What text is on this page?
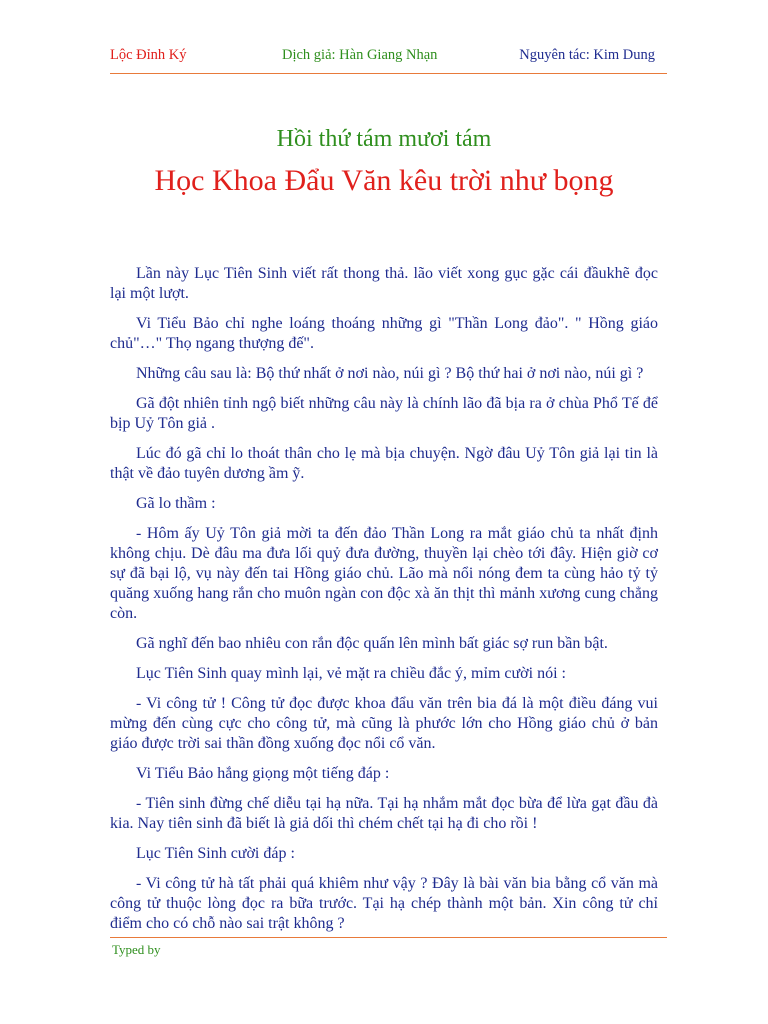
Lộc Đỉnh Ký	Dịch giả: Hàn Giang Nhạn	Nguyên tác: Kim Dung
Hồi thứ tám mươi tám
Học Khoa Đẩu Văn kêu trời như bọng

Lần này Lục Tiên Sinh viết rất thong thả. lão viết xong gục gặc cái đầukhẽ đọc lại một lượt.

Vi Tiểu Bảo chỉ nghe loáng thoáng những gì "Thần Long đảo". " Hồng giáo chủ"…" Thọ ngang thượng đế".

Những câu sau là: Bộ thứ nhất ở nơi nào, núi gì ? Bộ thứ hai ở nơi nào, núi gì ?

Gã đột nhiên tỉnh ngộ biết những câu này là chính lão đã bịa ra ở chùa Phổ Tế để bịp Uỷ Tôn giả .

Lúc đó gã chỉ lo thoát thân cho lẹ mà bịa chuyện. Ngờ đâu Uỷ Tôn giả lại tin là thật về đảo tuyên dương ầm ỹ.

Gã lo thầm :

- Hôm ấy Uỷ Tôn giả mời ta đến đảo Thần Long ra mắt giáo chủ ta nhất định không chịu. Dè đâu ma đưa lối quỷ đưa đường, thuyền lại chèo tới đây. Hiện giờ cơ sự đã bại lộ, vụ này đến tai Hồng giáo chủ. Lão mà nổi nóng đem ta cùng hảo tỷ tỷ quăng xuống hang rắn cho muôn ngàn con độc xà ăn thịt thì mảnh xương cung chẳng còn.

Gã nghĩ đến bao nhiêu con rắn độc quấn lên mình bất giác sợ run bần bật.

Lục Tiên Sinh quay mình lại, vẻ mặt ra chiều đắc ý, mỉm cười nói :

- Vi công tử ! Công tử đọc được khoa đẩu văn trên bia đá là một điều đáng vui mừng đến cùng cực cho công tử, mà cũng là phước lớn cho Hồng giáo chủ ở bản giáo được trời sai thần đồng xuống đọc nổi cổ văn.

Vi Tiểu Bảo hắng giọng một tiếng đáp :

- Tiên sinh đừng chế diễu tại hạ nữa. Tại hạ nhắm mắt đọc bừa để lừa gạt đầu đà kia. Nay tiên sinh đã biết là giả dối thì chém chết tại hạ đi cho rồi !

Lục Tiên Sinh cười đáp :

- Vi công tử hà tất phải quá khiêm như vậy ? Đây là bài văn bia bằng cổ văn mà công tử thuộc lòng đọc ra bữa trước. Tại hạ chép thành một bản. Xin công tử chỉ điểm cho có chỗ nào sai trật không ?

Typed by
